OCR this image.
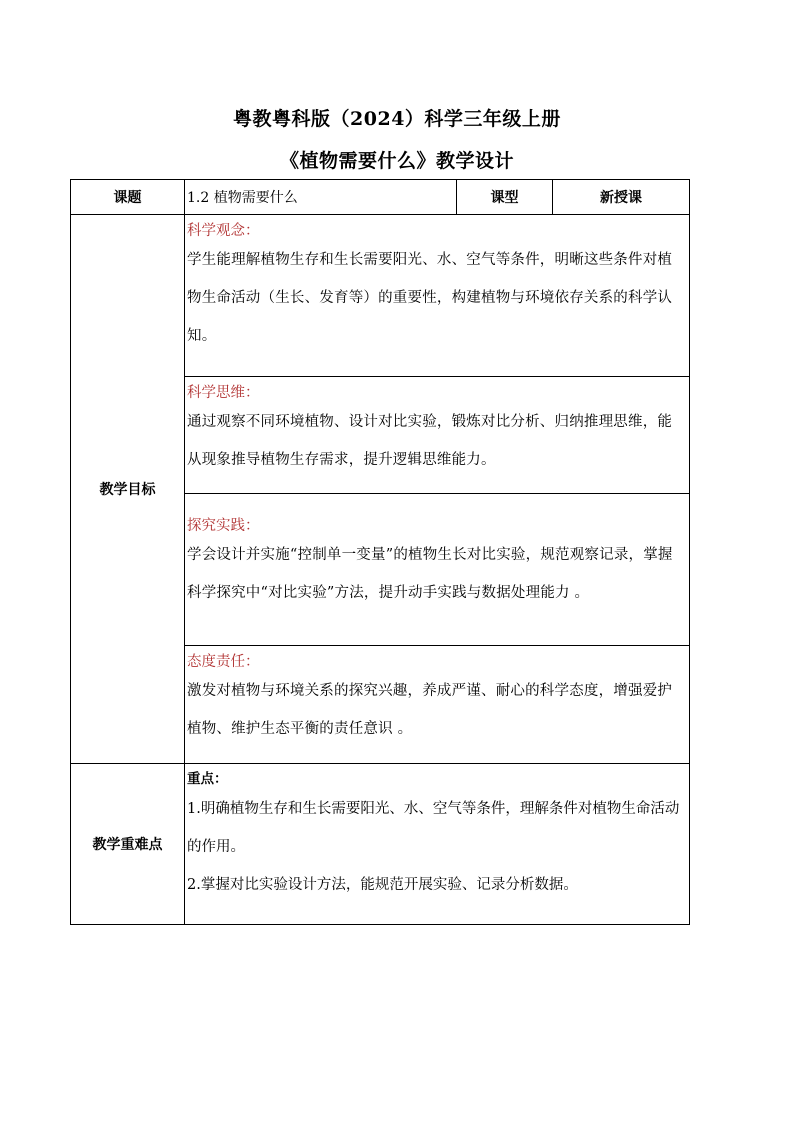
粤教粤科版（2024）科学三年级上册
《植物需要什么》教学设计
课题	1.2 植物需要什么	课型	新授课
教学目标	科学观念：
学生能理解植物生存和生长需要阳光、水、空气等条件，明晰这些条件对植物生命活动（生长、发育等）的重要性，构建植物与环境依存关系的科学认知。		

	科学思维：
通过观察不同环境植物、设计对比实验，锻炼对比分析、归纳推理思维，能从现象推导植物生存需求，提升逻辑思维能力。		

	探究实践：
学会设计并实施“控制单一变量”的植物生长对比实验，规范观察记录，掌握科学探究中“对比实验”方法，提升动手实践与数据处理能力 。		

	态度责任：
激发对植物与环境关系的探究兴趣，养成严谨、耐心的科学态度，增强爱护植物、维护生态平衡的责任意识 。		

教学重难点	重点：
1.明确植物生存和生长需要阳光、水、空气等条件，理解条件对植物生命活动的作用。
2.掌握对比实验设计方法，能规范开展实验、记录分析数据。		
